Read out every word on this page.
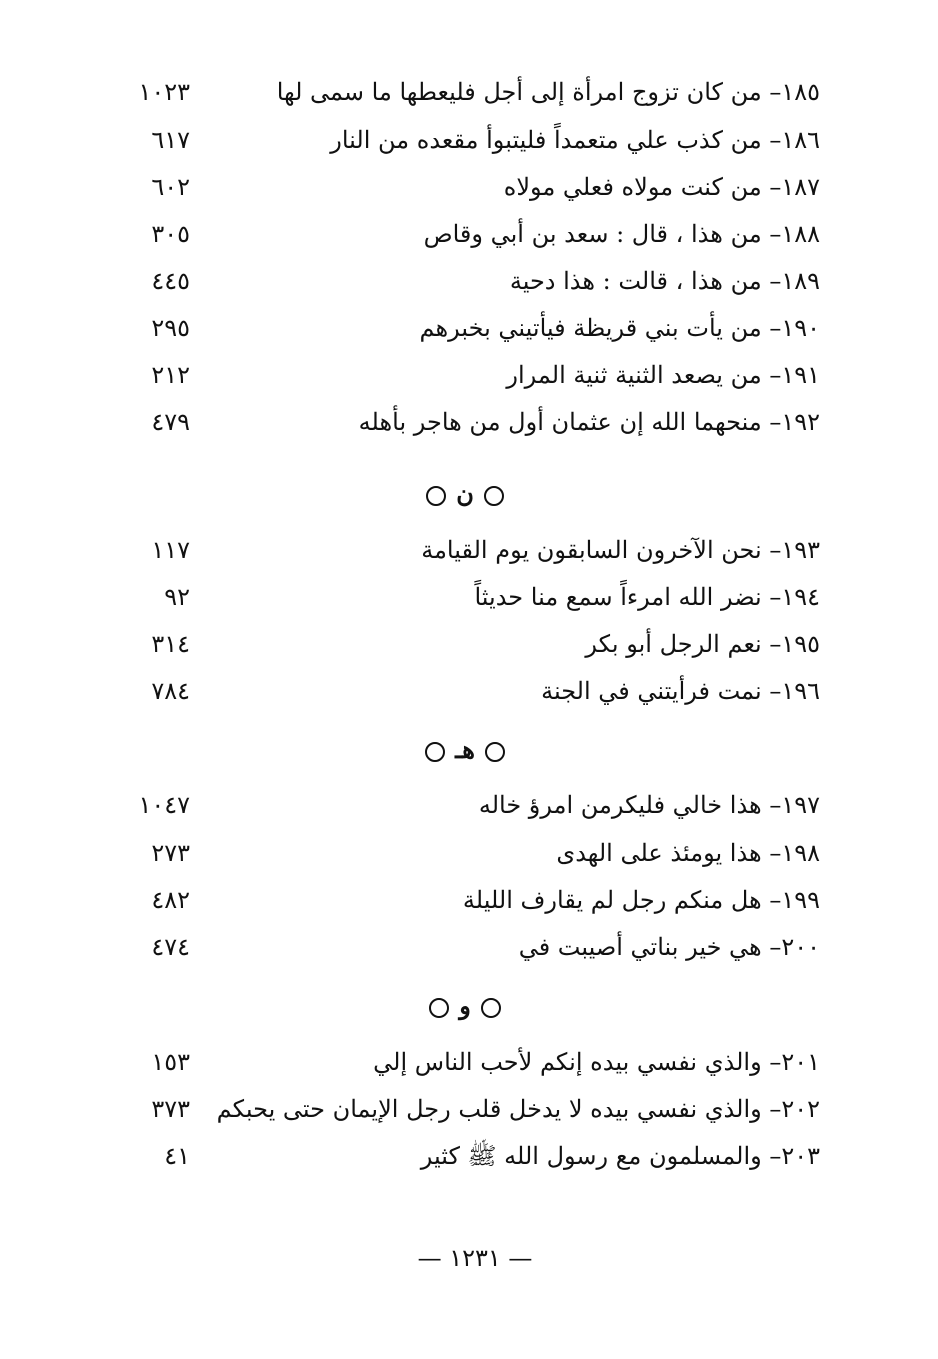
١٨٥– من كان تزوج امرأة إلى أجل فليعطها ما سمى لها
١٠٢٣
١٨٦– من كذب علي متعمداً فليتبوأ مقعده من النار
٦١٧
١٨٧– من كنت مولاه فعلي مولاه
٦٠٢
١٨٨– من هذا ، قال : سعد بن أبي وقاص
٣٠٥
١٨٩– من هذا ، قالت : هذا دحية
٤٤٥
١٩٠– من يأت بني قريظة فيأتيني بخبرهم
٢٩٥
١٩١– من يصعد الثنية ثنية المرار
٢١٢
١٩٢– منحهما الله إن عثمان أول من هاجر بأهله
٤٧٩
ن
١٩٣– نحن الآخرون السابقون يوم القيامة
١١٧
١٩٤– نضر الله امرءاً سمع منا حديثاً
٩٢
١٩٥– نعم الرجل أبو بكر
٣١٤
١٩٦– نمت فرأيتني في الجنة
٧٨٤
هـ
١٩٧– هذا خالي فليكرمن امرؤ خاله
١٠٤٧
١٩٨– هذا يومئذ على الهدى
٢٧٣
١٩٩– هل منكم رجل لم يقارف الليلة
٤٨٢
٢٠٠– هي خير بناتي أصيبت في
٤٧٤
و
٢٠١– والذي نفسي بيده إنكم لأحب الناس إلي
١٥٣
٢٠٢– والذي نفسي بيده لا يدخل قلب رجل الإيمان حتى يحبكم
٣٧٣
٢٠٣– والمسلمون مع رسول الله ﷺ كثير
٤١
— ١٢٣١ —
